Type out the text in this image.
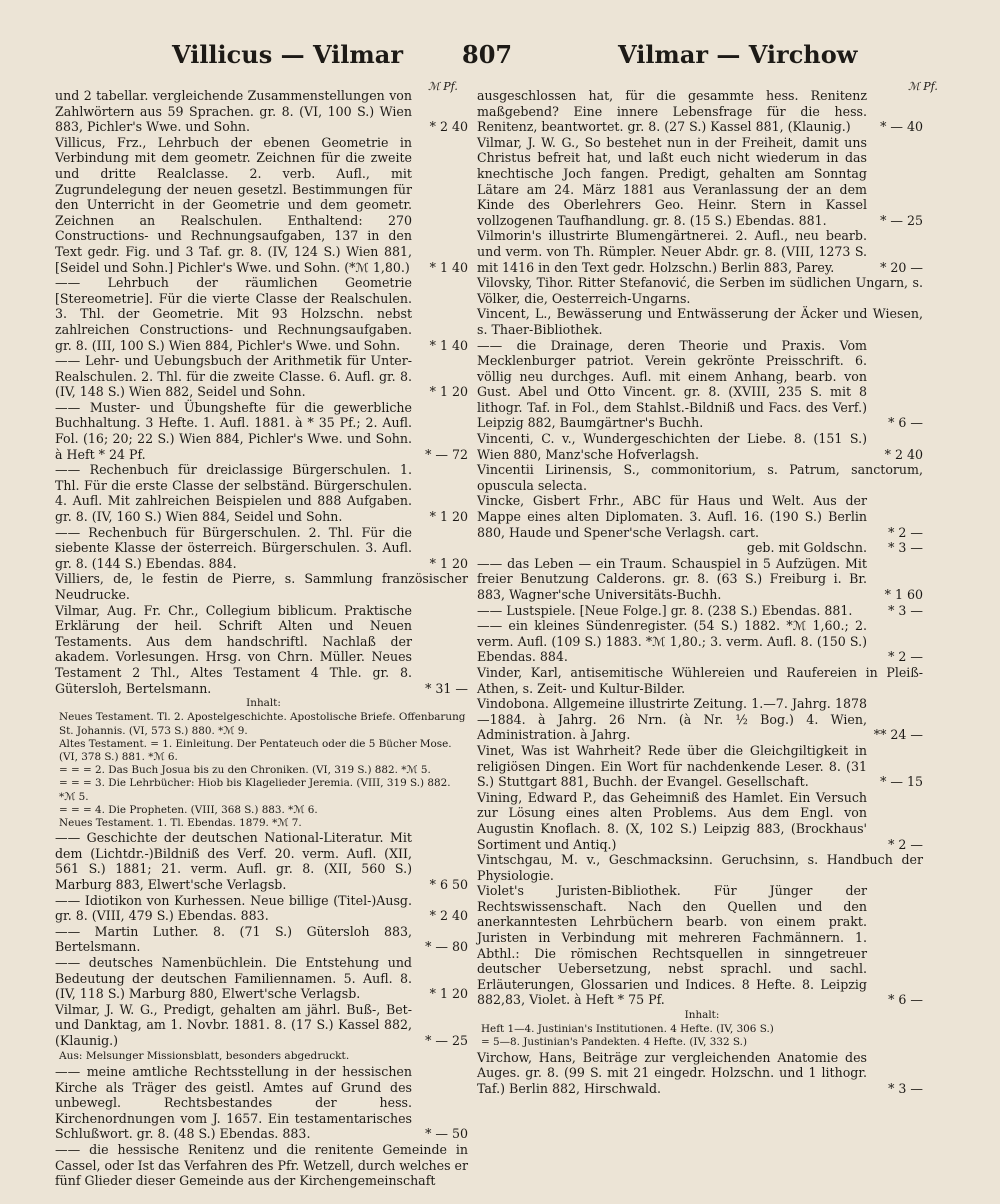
Villicus — Vilmar 807	Vilmar — Virchow
ℳ Pf.	ℳ Pf.
und 2 tabellar. vergleichende Zusammenstellungen von Zahlwörtern aus 59 Sprachen. gr. 8. (VI, 100 S.) Wien 883, Pichler's Wwe. und Sohn.	* 2 40
Villicus, Frz., Lehrbuch der ebenen Geometrie in Verbindung mit dem geometr. Zeichnen für die zweite und dritte Realclasse. 2. verb. Aufl., mit Zugrundelegung der neuen gesetzl. Bestimmungen für den Unterricht in der Geometrie und dem geometr. Zeichnen an Realschulen. Enthaltend: 270 Constructions- und Rechnungsaufgaben, 137 in den Text gedr. Fig. und 3 Taf. gr. 8. (IV, 124 S.) Wien 881, [Seidel und Sohn.] Pichler's Wwe. und Sohn. (*ℳ 1,80.)	* 1 40
—— Lehrbuch der räumlichen Geometrie [Stereometrie]. Für die vierte Classe der Realschulen. 3. Thl. der Geometrie. Mit 93 Holzschn. nebst zahlreichen Constructions- und Rechnungsaufgaben. gr. 8. (III, 100 S.) Wien 884, Pichler's Wwe. und Sohn.	* 1 40
—— Lehr- und Uebungsbuch der Arithmetik für Unter-Realschulen. 2. Thl. für die zweite Classe. 6. Aufl. gr. 8. (IV, 148 S.) Wien 882, Seidel und Sohn.	* 1 20
—— Muster- und Übungshefte für die gewerbliche Buchhaltung. 3 Hefte. 1. Aufl. 1881. à * 35 Pf.; 2. Aufl. Fol. (16; 20; 22 S.) Wien 884, Pichler's Wwe. und Sohn. à Heft * 24 Pf.	* — 72
—— Rechenbuch für dreiclassige Bürgerschulen. 1. Thl. Für die erste Classe der selbständ. Bürgerschulen. 4. Aufl. Mit zahlreichen Beispielen und 888 Aufgaben. gr. 8. (IV, 160 S.) Wien 884, Seidel und Sohn.	* 1 20
—— Rechenbuch für Bürgerschulen. 2. Thl. Für die siebente Klasse der österreich. Bürgerschulen. 3. Aufl. gr. 8. (144 S.) Ebendas. 884.	* 1 20
Villiers, de, le festin de Pierre, s. Sammlung französischer Neudrucke.
Vilmar, Aug. Fr. Chr., Collegium biblicum. Praktische Erklärung der heil. Schrift Alten und Neuen Testaments. Aus dem handschriftl. Nachlaß der akadem. Vorlesungen. Hrsg. von Chrn. Müller. Neues Testament 2 Thl., Altes Testament 4 Thle. gr. 8. Gütersloh, Bertelsmann.	* 31 —
Inhalt:
Neues Testament. Tl. 2. Apostelgeschichte. Apostolische Briefe. Offenbarung St. Johannis. (VI, 573 S.) 880. *ℳ 9.
Altes Testament. = 1. Einleitung. Der Pentateuch oder die 5 Bücher Mose. (VI, 378 S.) 881. *ℳ 6.
= = = 2. Das Buch Josua bis zu den Chroniken. (VI, 319 S.) 882. *ℳ 5.
= = = 3. Die Lehrbücher: Hiob bis Klagelieder Jeremia. (VIII, 319 S.) 882. *ℳ 5.
= = = 4. Die Propheten. (VIII, 368 S.) 883. *ℳ 6.
Neues Testament. 1. Tl. Ebendas. 1879. *ℳ 7.
—— Geschichte der deutschen National-Literatur. Mit dem (Lichtdr.-)Bildniß des Verf. 20. verm. Aufl. (XII, 561 S.) 1881; 21. verm. Aufl. gr. 8. (XII, 560 S.) Marburg 883, Elwert'sche Verlagsb.	* 6 50
—— Idiotikon von Kurhessen. Neue billige (Titel-)Ausg. gr. 8. (VIII, 479 S.) Ebendas. 883.	* 2 40
—— Martin Luther. 8. (71 S.) Gütersloh 883, Bertelsmann.	* — 80
—— deutsches Namenbüchlein. Die Entstehung und Bedeutung der deutschen Familiennamen. 5. Aufl. 8. (IV, 118 S.) Marburg 880, Elwert'sche Verlagsb.	* 1 20
Vilmar, J. W. G., Predigt, gehalten am jährl. Buß-, Bet- und Danktag, am 1. Novbr. 1881. 8. (17 S.) Kassel 882, (Klaunig.)	* — 25
Aus: Melsunger Missionsblatt, besonders abgedruckt.
—— meine amtliche Rechtsstellung in der hessischen Kirche als Träger des geistl. Amtes auf Grund des unbewegl. Rechtsbestandes der hess. Kirchenordnungen vom J. 1657. Ein testamentarisches Schlußwort. gr. 8. (48 S.) Ebendas. 883.	* — 50
—— die hessische Renitenz und die renitente Gemeinde in Cassel, oder Ist das Verfahren des Pfr. Wetzell, durch welches er fünf Glieder dieser Gemeinde aus der Kirchengemeinschaft
ausgeschlossen hat, für die gesammte hess. Renitenz maßgebend? Eine innere Lebensfrage für die hess. Renitenz, beantwortet. gr. 8. (27 S.) Kassel 881, (Klaunig.)	* — 40
Vilmar, J. W. G., So bestehet nun in der Freiheit, damit uns Christus befreit hat, und laßt euch nicht wiederum in das knechtische Joch fangen. Predigt, gehalten am Sonntag Lätare am 24. März 1881 aus Veranlassung der an dem Kinde des Oberlehrers Geo. Heinr. Stern in Kassel vollzogenen Taufhandlung. gr. 8. (15 S.) Ebendas. 881.	* — 25
Vilmorin's illustrirte Blumengärtnerei. 2. Aufl., neu bearb. und verm. von Th. Rümpler. Neuer Abdr. gr. 8. (VIII, 1273 S. mit 1416 in den Text gedr. Holzschn.) Berlin 883, Parey.	* 20 —
Vilovsky, Tihor. Ritter Stefanović, die Serben im südlichen Ungarn, s. Völker, die, Oesterreich-Ungarns.
Vincent, L., Bewässerung und Entwässerung der Äcker und Wiesen, s. Thaer-Bibliothek.
—— die Drainage, deren Theorie und Praxis. Vom Mecklenburger patriot. Verein gekrönte Preisschrift. 6. völlig neu durchges. Aufl. mit einem Anhang, bearb. von Gust. Abel und Otto Vincent. gr. 8. (XVIII, 235 S. mit 8 lithogr. Taf. in Fol., dem Stahlst.-Bildniß und Facs. des Verf.) Leipzig 882, Baumgärtner's Buchh.	* 6 —
Vincenti, C. v., Wundergeschichten der Liebe. 8. (151 S.) Wien 880, Manz'sche Hofverlagsh.	* 2 40
Vincentii Lirinensis, S., commonitorium, s. Patrum, sanctorum, opuscula selecta.
Vincke, Gisbert Frhr., ABC für Haus und Welt. Aus der Mappe eines alten Diplomaten. 3. Aufl. 16. (190 S.) Berlin 880, Haude und Spener'sche Verlagsh. cart.	* 2 —
geb. mit Goldschn.	* 3 —
—— das Leben — ein Traum. Schauspiel in 5 Aufzügen. Mit freier Benutzung Calderons. gr. 8. (63 S.) Freiburg i. Br. 883, Wagner'sche Universitäts-Buchh.	* 1 60
—— Lustspiele. [Neue Folge.] gr. 8. (238 S.) Ebendas. 881.	* 3 —
—— ein kleines Sündenregister. (54 S.) 1882. *ℳ 1,60.; 2. verm. Aufl. (109 S.) 1883. *ℳ 1,80.; 3. verm. Aufl. 8. (150 S.) Ebendas. 884.	* 2 —
Vinder, Karl, antisemitische Wühlereien und Raufereien in Pleiß-Athen, s. Zeit- und Kultur-Bilder.
Vindobona. Allgemeine illustrirte Zeitung. 1.—7. Jahrg. 1878—1884. à Jahrg. 26 Nrn. (à Nr. ½ Bog.) 4. Wien, Administration. à Jahrg.	** 24 —
Vinet, Was ist Wahrheit? Rede über die Gleichgiltigkeit in religiösen Dingen. Ein Wort für nachdenkende Leser. 8. (31 S.) Stuttgart 881, Buchh. der Evangel. Gesellschaft.	* — 15
Vining, Edward P., das Geheimniß des Hamlet. Ein Versuch zur Lösung eines alten Problems. Aus dem Engl. von Augustin Knoflach. 8. (X, 102 S.) Leipzig 883, (Brockhaus' Sortiment und Antiq.)	* 2 —
Vintschgau, M. v., Geschmacksinn. Geruchsinn, s. Handbuch der Physiologie.
Violet's Juristen-Bibliothek. Für Jünger der Rechtswissenschaft. Nach den Quellen und den anerkanntesten Lehrbüchern bearb. von einem prakt. Juristen in Verbindung mit mehreren Fachmännern. 1. Abthl.: Die römischen Rechtsquellen in sinngetreuer deutscher Uebersetzung, nebst sprachl. und sachl. Erläuterungen, Glossarien und Indices. 8 Hefte. 8. Leipzig 882,83, Violet. à Heft * 75 Pf.	* 6 —
Inhalt:
Heft 1—4. Justinian's Institutionen. 4 Hefte. (IV, 306 S.)
= 5—8. Justinian's Pandekten. 4 Hefte. (IV, 332 S.)
Virchow, Hans, Beiträge zur vergleichenden Anatomie des Auges. gr. 8. (99 S. mit 21 eingedr. Holzschn. und 1 lithogr. Taf.) Berlin 882, Hirschwald.	* 3 —
